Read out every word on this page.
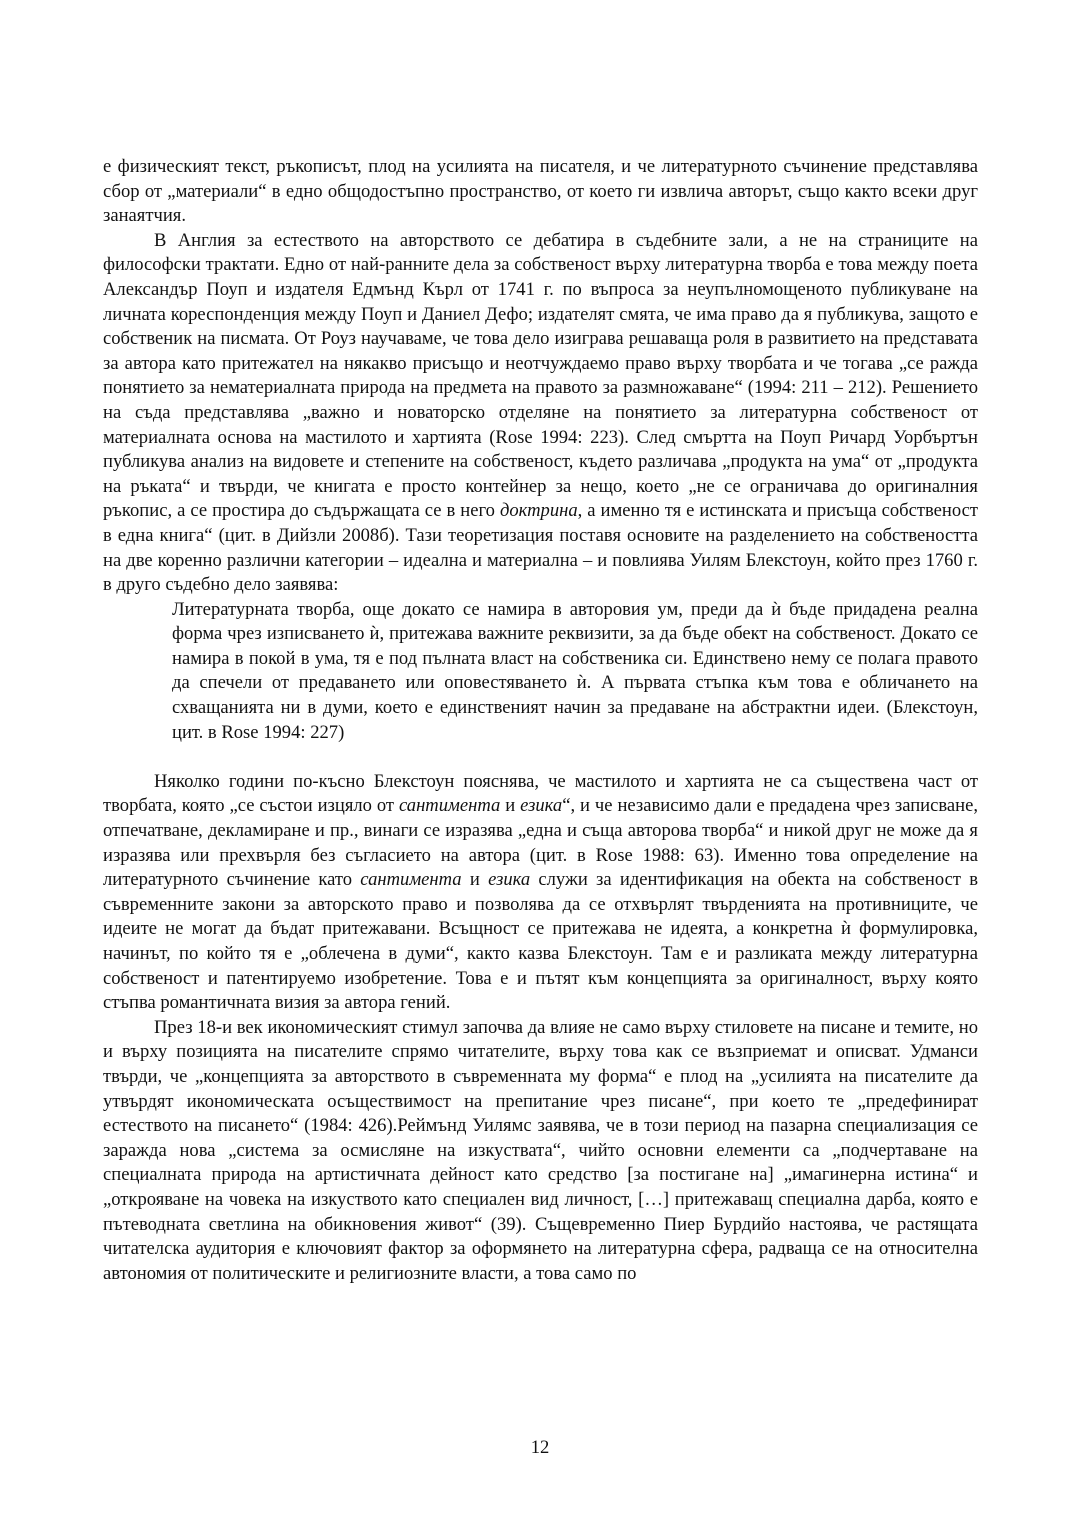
е физическият текст, ръкописът, плод на усилията на писателя, и че литературното съчинение представлява сбор от „материали“ в едно общодостъпно пространство, от което ги извлича авторът, също както всеки друг занаятчия.

В Англия за естеството на авторството се дебатира в съдебните зали, а не на страниците на философски трактати. Едно от най-ранните дела за собственост върху литературна творба е това между поета Александър Поуп и издателя Едмънд Кърл от 1741 г. по въпроса за неупълномощеното публикуване на личната кореспонденция между Поуп и Даниел Дефо; издателят смята, че има право да я публикува, защото е собственик на писмата. От Роуз научаваме, че това дело изиграва решаваща роля в развитието на представата за автора като притежател на някакво присъщо и неотчуждаемо право върху творбата и че тогава „се ражда понятието за нематериалната природа на предмета на правото за размножаване“ (1994: 211 – 212). Решението на съда представлява „важно и новаторско отделяне на понятието за литературна собственост от материалната основа на мастилото и хартията (Rose 1994: 223). След смъртта на Поуп Ричард Уорбъртън публикува анализ на видовете и степените на собственост, където различава „продукта на ума“ от „продукта на ръката“ и твърди, че книгата е просто контейнер за нещо, което „не се ограничава до оригиналния ръкопис, а се простира до съдържащата се в него доктрина, а именно тя е истинската и присъща собственост в една книга“ (цит. в Дийзли 2008б). Тази теоретизация поставя основите на разделението на собствеността на две коренно различни категории – идеална и материална – и повлиява Уилям Блекстоун, който през 1760 г. в друго съдебно дело заявява:

Литературната творба, още докато се намира в авторовия ум, преди да ѝ бъде придадена реална форма чрез изписването ѝ, притежава важните реквизити, за да бъде обект на собственост. Докато се намира в покой в ума, тя е под пълната власт на собственика си. Единствено нему се полага правото да спечели от предаването или оповестяването ѝ. А първата стъпка към това е обличането на схващанията ни в думи, което е единственият начин за предаване на абстрактни идеи. (Блекстоун, цит. в Rose 1994: 227)

Няколко години по-късно Блекстоун пояснява, че мастилото и хартията не са съществена част от творбата, която „се състои изцяло от сантимента и езика“, и че независимо дали е предадена чрез записване, отпечатване, декламиране и пр., винаги се изразява „една и съща авторова творба“ и никой друг не може да я изразява или прехвърля без съгласието на автора (цит. в Rose 1988: 63). Именно това определение на литературното съчинение като сантимента и езика служи за идентификация на обекта на собственост в съвременните закони за авторското право и позволява да се отхвърлят твърденията на противниците, че идеите не могат да бъдат притежавани. Всъщност се притежава не идеята, а конкретна ѝ формулировка, начинът, по който тя е „облечена в думи“, както казва Блекстоун. Там е и разликата между литературна собственост и патентируемо изобретение. Това е и пътят към концепцията за оригиналност, върху която стъпва романтичната визия за автора гений.

През 18-и век икономическият стимул започва да влияе не само върху стиловете на писане и темите, но и върху позицията на писателите спрямо читателите, върху това как се възприемат и описват. Удманси твърди, че „концепцията за авторството в съвременната му форма“ е плод на „усилията на писателите да утвърдят икономическата осъществимост на препитание чрез писане“, при което те „предефинират естеството на писането“ (1984: 426).Реймънд Уилямс заявява, че в този период на пазарна специализация се заражда нова „система за осмисляне на изкуствата“, чийто основни елементи са „подчертаване на специалната природа на артистичната дейност като средство [за постигане на] „имагинерна истина“ и „открояване на човека на изкуството като специален вид личност, […] притежаващ специална дарба, която е пътеводната светлина на обикновения живот“ (39). Същевременно Пиер Бурдийо настоява, че растящата читателска аудитория е ключовият фактор за оформянето на литературна сфера, радваща се на относителна автономия от политическите и религиозните власти, а това само по

12
